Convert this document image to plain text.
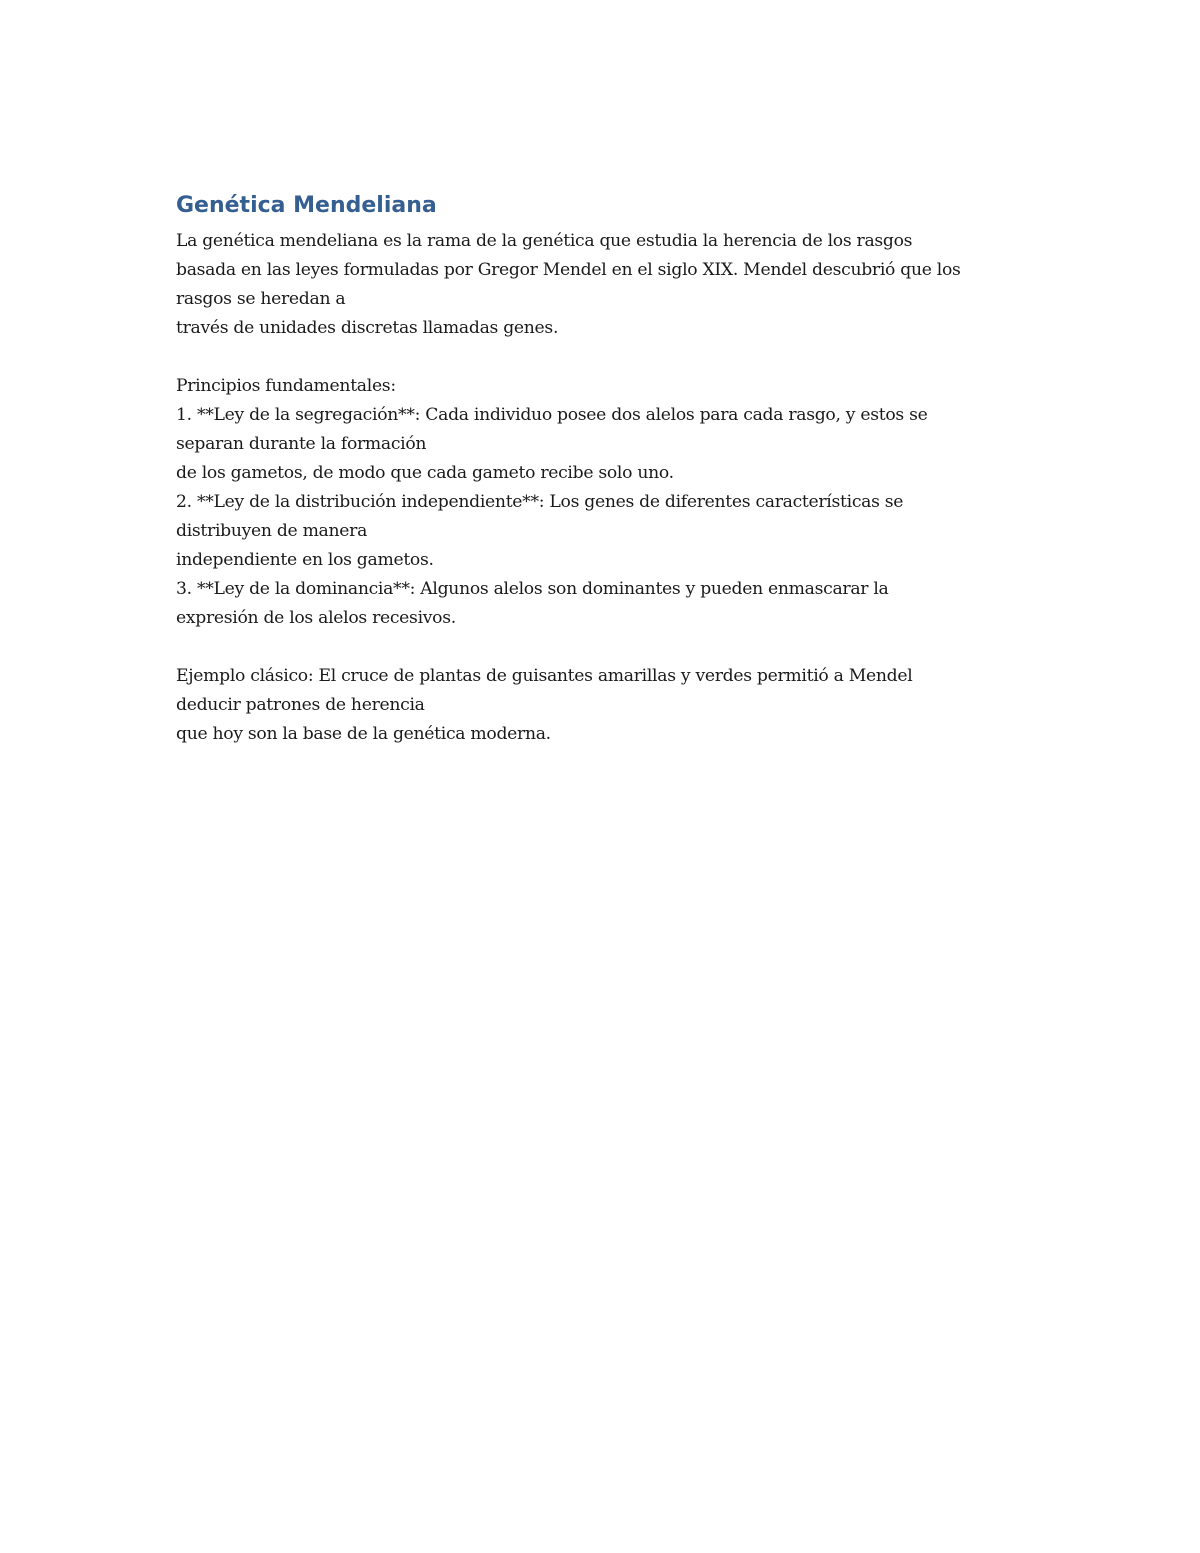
Genética Mendeliana
La genética mendeliana es la rama de la genética que estudia la herencia de los rasgos
basada en las leyes formuladas por Gregor Mendel en el siglo XIX. Mendel descubrió que los
rasgos se heredan a
través de unidades discretas llamadas genes.
Principios fundamentales:
1. **Ley de la segregación**: Cada individuo posee dos alelos para cada rasgo, y estos se
separan durante la formación
de los gametos, de modo que cada gameto recibe solo uno.
2. **Ley de la distribución independiente**: Los genes de diferentes características se
distribuyen de manera
independiente en los gametos.
3. **Ley de la dominancia**: Algunos alelos son dominantes y pueden enmascarar la
expresión de los alelos recesivos.
Ejemplo clásico: El cruce de plantas de guisantes amarillas y verdes permitió a Mendel
deducir patrones de herencia
que hoy son la base de la genética moderna.
